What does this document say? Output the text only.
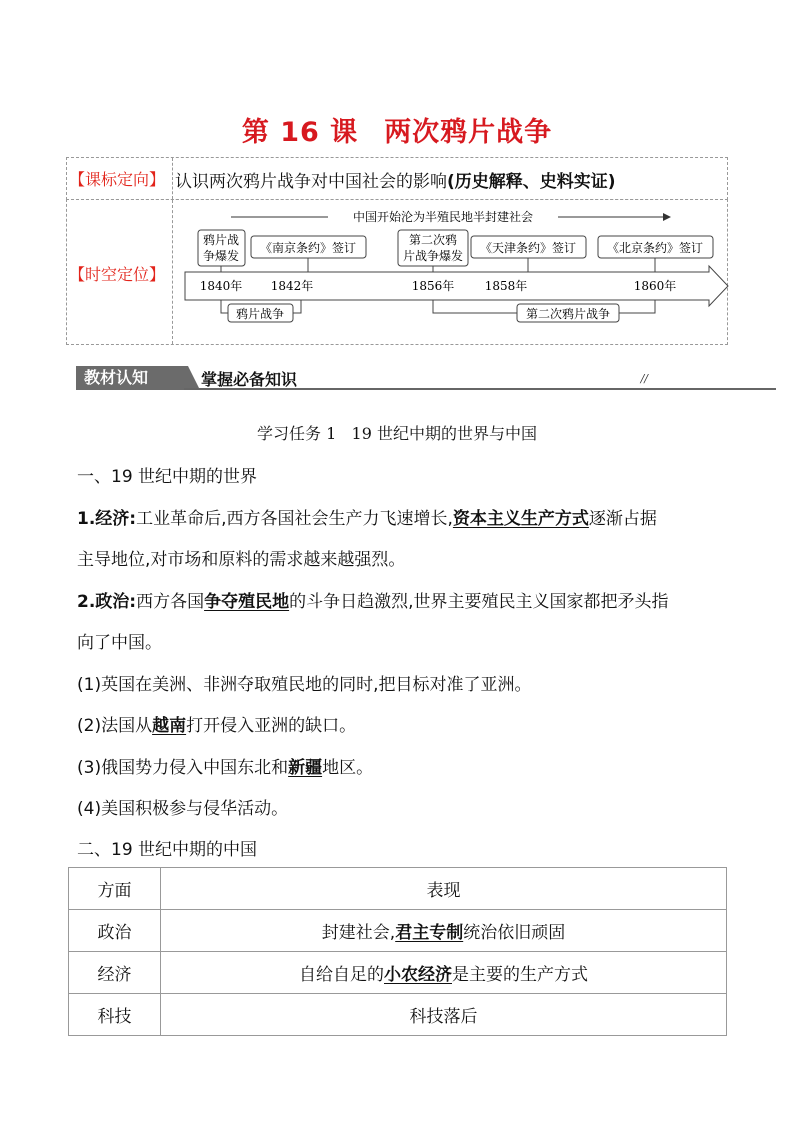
第 16 课 两次鸦片战争
【课标定向】 认识两次鸦片战争对中国社会的影响(历史解释、史料实证)
【时空定位】
中国开始沦为半殖民地半封建社会
鸦片战
争爆发
《南京条约》签订
第二次鸦
片战争爆发
《天津条约》签订	《北京条约》签订
1840年 1842年	1856年	1858年	1860年
鸦片战争	第二次鸦片战争
教材认知	掌握必备知识	//
学习任务 1 19 世纪中期的世界与中国
一、19 世纪中期的世界
1.经济:工业革命后,西方各国社会生产力飞速增长,资本主义生产方式逐渐占据
主导地位,对市场和原料的需求越来越强烈。
2.政治:西方各国争夺殖民地的斗争日趋激烈,世界主要殖民主义国家都把矛头指
向了中国。
(1)英国在美洲、非洲夺取殖民地的同时,把目标对准了亚洲。
(2)法国从越南打开侵入亚洲的缺口。
(3)俄国势力侵入中国东北和新疆地区。
(4)美国积极参与侵华活动。
二、19 世纪中期的中国
方面	表现
政治	封建社会,君主专制统治依旧顽固
经济	自给自足的小农经济是主要的生产方式
科技	科技落后
